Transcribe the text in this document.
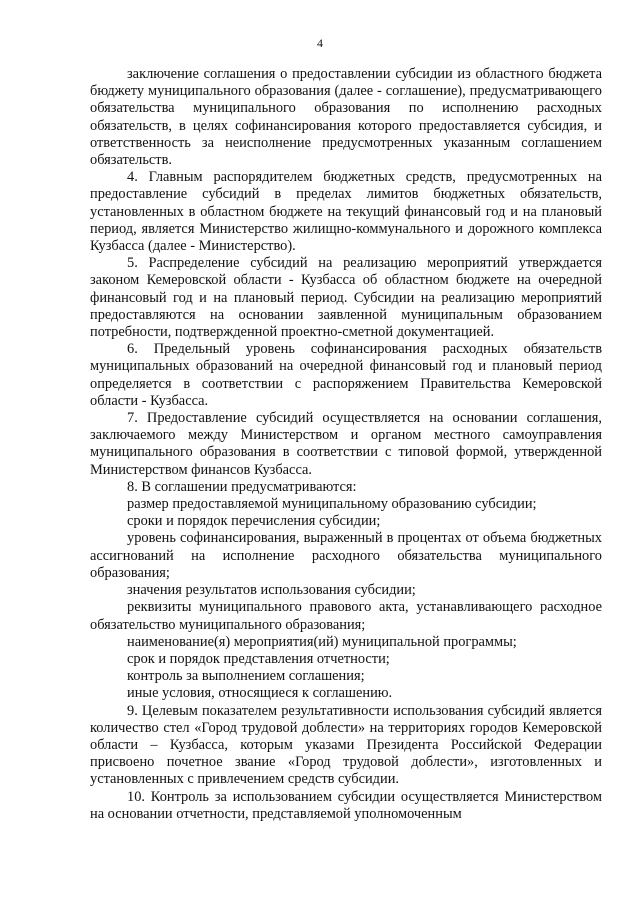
4

заключение соглашения о предоставлении субсидии из областного бюджета бюджету муниципального образования (далее - соглашение), предусматривающего обязательства муниципального образования по исполнению расходных обязательств, в целях софинансирования которого предоставляется субсидия, и ответственность за неисполнение предусмотренных указанным соглашением обязательств.

4. Главным распорядителем бюджетных средств, предусмотренных на предоставление субсидий в пределах лимитов бюджетных обязательств, установленных в областном бюджете на текущий финансовый год и на плановый период, является Министерство жилищно-коммунального и дорожного комплекса Кузбасса (далее - Министерство).

5. Распределение субсидий на реализацию мероприятий утверждается законом Кемеровской области - Кузбасса об областном бюджете на очередной финансовый год и на плановый период. Субсидии на реализацию мероприятий предоставляются на основании заявленной муниципальным образованием потребности, подтвержденной проектно-сметной документацией.

6. Предельный уровень софинансирования расходных обязательств муниципальных образований на очередной финансовый год и плановый период определяется в соответствии с распоряжением Правительства Кемеровской области - Кузбасса.

7. Предоставление субсидий осуществляется на основании соглашения, заключаемого между Министерством и органом местного самоуправления муниципального образования в соответствии с типовой формой, утвержденной Министерством финансов Кузбасса.

8. В соглашении предусматриваются:

размер предоставляемой муниципальному образованию субсидии;

сроки и порядок перечисления субсидии;

уровень софинансирования, выраженный в процентах от объема бюджетных ассигнований на исполнение расходного обязательства муниципального образования;

значения результатов использования субсидии;

реквизиты муниципального правового акта, устанавливающего расходное обязательство муниципального образования;

наименование(я) мероприятия(ий) муниципальной программы;

срок и порядок представления отчетности;

контроль за выполнением соглашения;

иные условия, относящиеся к соглашению.

9. Целевым показателем результативности использования субсидий является количество стел «Город трудовой доблести» на территориях городов Кемеровской области – Кузбасса, которым указами Президента Российской Федерации присвоено почетное звание «Город трудовой доблести», изготовленных и установленных с привлечением средств субсидии.

10. Контроль за использованием субсидии осуществляется Министерством на основании отчетности, представляемой уполномоченным
